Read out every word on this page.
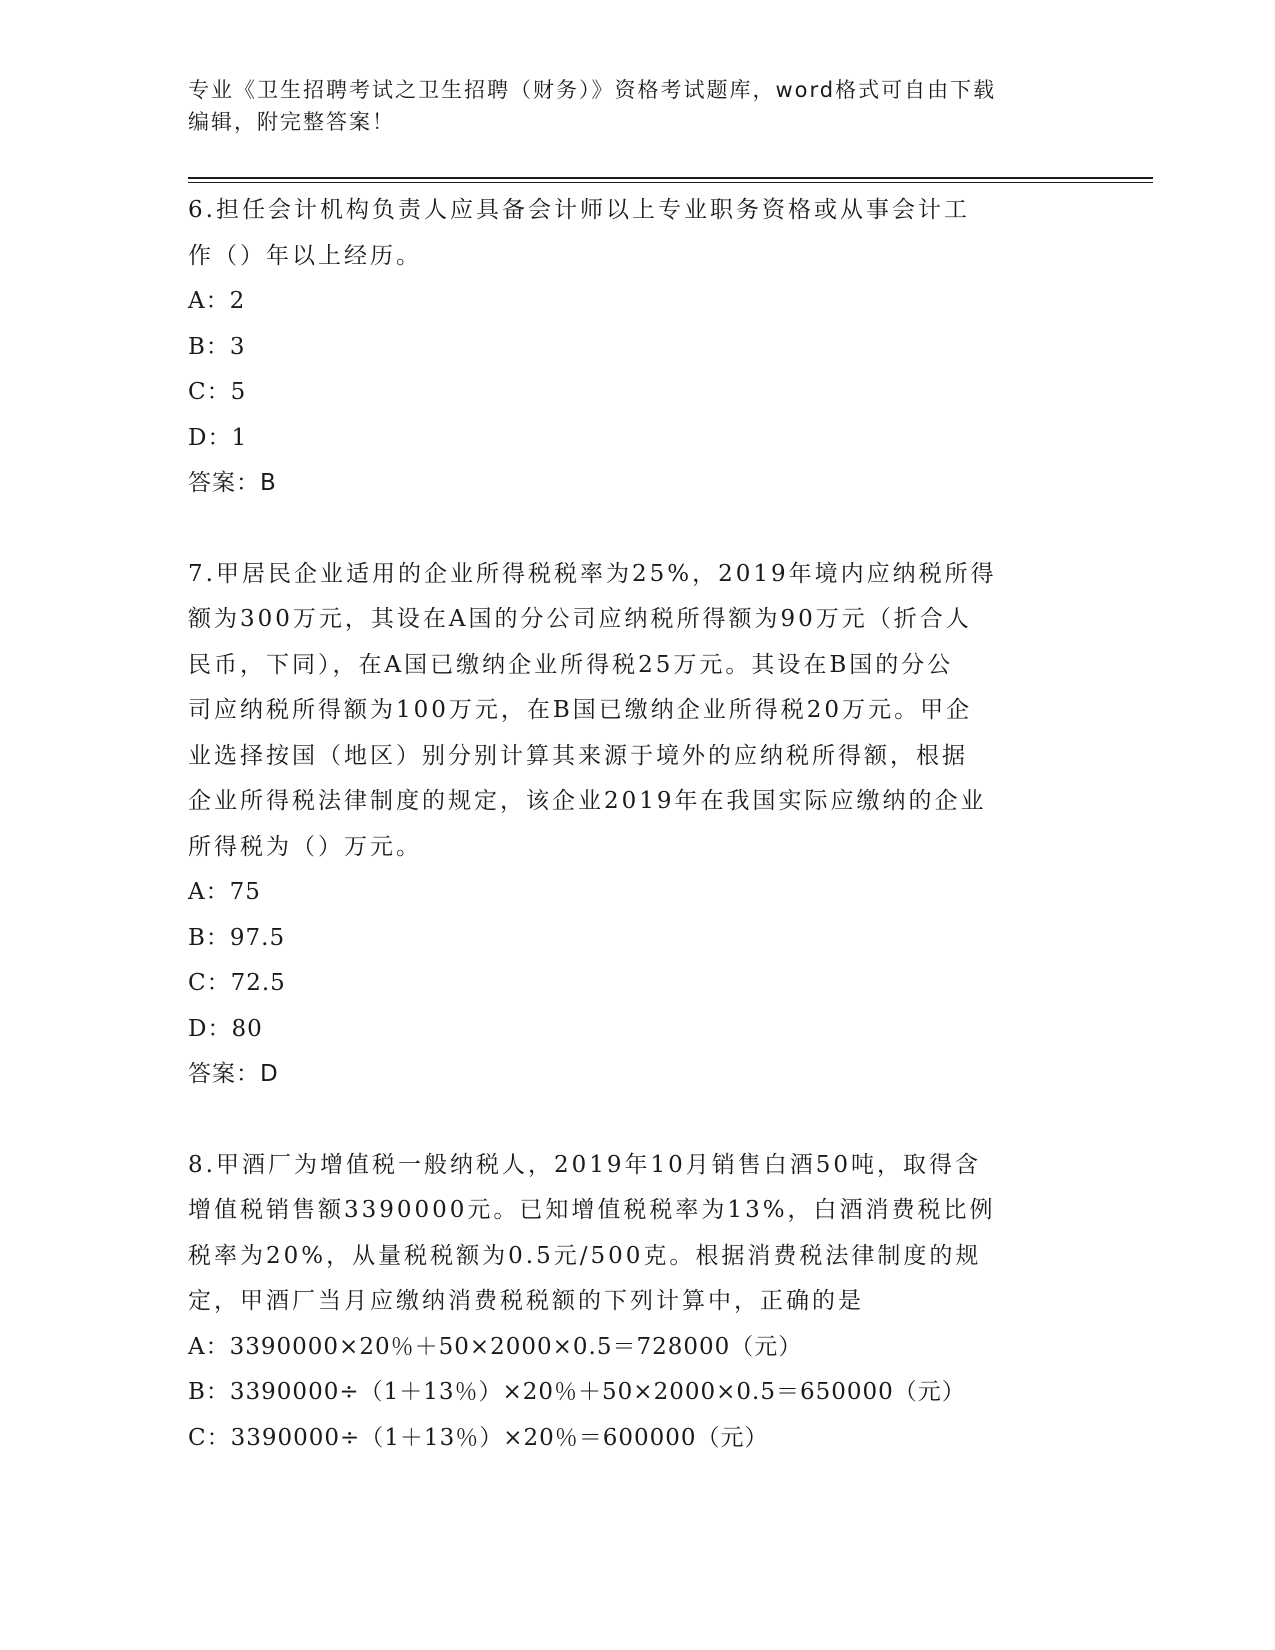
专业《卫生招聘考试之卫生招聘（财务）》资格考试题库，word格式可自由下载
编辑，附完整答案！

6.担任会计机构负责人应具备会计师以上专业职务资格或从事会计工

作（）年以上经历。

A：2

B：3

C：5

D：1

答案：B

7.甲居民企业适用的企业所得税税率为25%，2019年境内应纳税所得

额为300万元，其设在A国的分公司应纳税所得额为90万元（折合人

民币，下同），在A国已缴纳企业所得税25万元。其设在B国的分公

司应纳税所得额为100万元，在B国已缴纳企业所得税20万元。甲企

业选择按国（地区）别分别计算其来源于境外的应纳税所得额，根据

企业所得税法律制度的规定，该企业2019年在我国实际应缴纳的企业

所得税为（）万元。

A：75

B：97.5

C：72.5

D：80

答案：D

8.甲酒厂为增值税一般纳税人，2019年10月销售白酒50吨，取得含

增值税销售额3390000元。已知增值税税率为13%，白酒消费税比例

税率为20%，从量税税额为0.5元/500克。根据消费税法律制度的规

定，甲酒厂当月应缴纳消费税税额的下列计算中，正确的是

A：3390000×20％＋50×2000×0.5＝728000（元）

B：3390000÷（1＋13％）×20％＋50×2000×0.5＝650000（元）

C：3390000÷（1＋13％）×20％＝600000（元）
